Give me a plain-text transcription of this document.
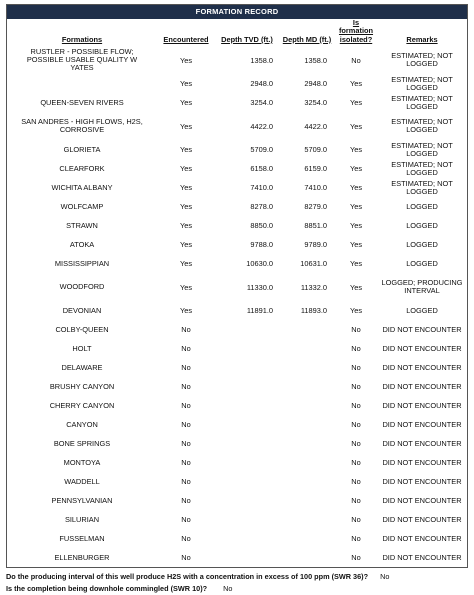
FORMATION RECORD
Formations	Encountered	Depth TVD (ft.)	Depth MD (ft.)	Is formation
isolated?	Remarks
RUSTLER - POSSIBLE FLOW;
POSSIBLE USABLE QUALITY W
YATES	Yes	1358.0	1358.0	No	ESTIMATED; NOT LOGGED
	Yes	2948.0	2948.0	Yes	ESTIMATED; NOT LOGGED
QUEEN-SEVEN RIVERS	Yes	3254.0	3254.0	Yes	ESTIMATED; NOT LOGGED
SAN ANDRES - HIGH FLOWS, H2S,
CORROSIVE	Yes	4422.0	4422.0	Yes	ESTIMATED; NOT LOGGED
GLORIETA	Yes	5709.0	5709.0	Yes	ESTIMATED; NOT LOGGED
CLEARFORK	Yes	6158.0	6159.0	Yes	ESTIMATED; NOT LOGGED
WICHITA ALBANY	Yes	7410.0	7410.0	Yes	ESTIMATED; NOT LOGGED
WOLFCAMP	Yes	8278.0	8279.0	Yes	LOGGED
STRAWN	Yes	8850.0	8851.0	Yes	LOGGED
ATOKA	Yes	9788.0	9789.0	Yes	LOGGED
MISSISSIPPIAN	Yes	10630.0	10631.0	Yes	LOGGED
WOODFORD	Yes	11330.0	11332.0	Yes	LOGGED; PRODUCING
INTERVAL
DEVONIAN	Yes	11891.0	11893.0	Yes	LOGGED
COLBY-QUEEN	No			No	DID NOT ENCOUNTER
HOLT	No			No	DID NOT ENCOUNTER
DELAWARE	No			No	DID NOT ENCOUNTER
BRUSHY CANYON	No			No	DID NOT ENCOUNTER
CHERRY CANYON	No			No	DID NOT ENCOUNTER
CANYON	No			No	DID NOT ENCOUNTER
BONE SPRINGS	No			No	DID NOT ENCOUNTER
MONTOYA	No			No	DID NOT ENCOUNTER
WADDELL	No			No	DID NOT ENCOUNTER
PENNSYLVANIAN	No			No	DID NOT ENCOUNTER
SILURIAN	No			No	DID NOT ENCOUNTER
FUSSELMAN	No			No	DID NOT ENCOUNTER
ELLENBURGER	No			No	DID NOT ENCOUNTER
Do the producing interval of this well produce H2S with a concentration in excess of 100 ppm (SWR 36)? No
Is the completion being downhole commingled (SWR 10)? No
